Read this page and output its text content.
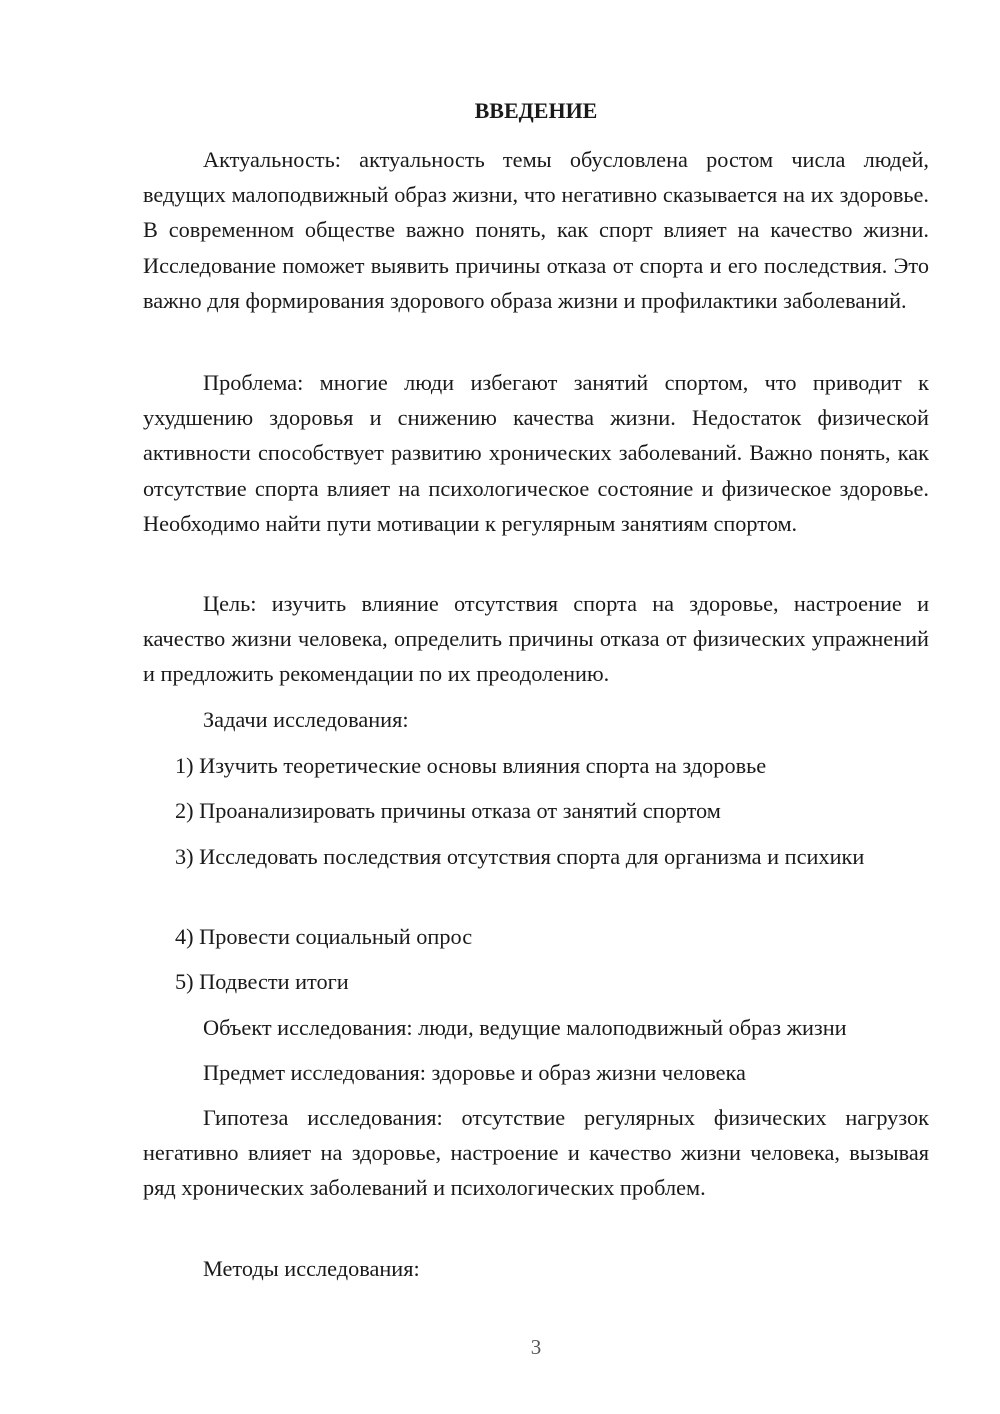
ВВЕДЕНИЕ

Актуальность: актуальность темы обусловлена ростом числа людей, ведущих малоподвижный образ жизни, что негативно сказывается на их здоровье. В современном обществе важно понять, как спорт влияет на качество жизни. Исследование поможет выявить причины отказа от спорта и его последствия. Это важно для формирования здорового образа жизни и профилактики заболеваний.

Проблема: многие люди избегают занятий спортом, что приводит к ухудшению здоровья и снижению качества жизни. Недостаток физической активности способствует развитию хронических заболеваний. Важно понять, как отсутствие спорта влияет на психологическое состояние и физическое здоровье. Необходимо найти пути мотивации к регулярным занятиям спортом.

Цель: изучить влияние отсутствия спорта на здоровье, настроение и качество жизни человека, определить причины отказа от физических упражнений и предложить рекомендации по их преодолению.

Задачи исследования:

1) Изучить теоретические основы влияния спорта на здоровье

2) Проанализировать причины отказа от занятий спортом

3) Исследовать последствия отсутствия спорта для организма и психики

4) Провести социальный опрос

5) Подвести итоги

Объект исследования: люди, ведущие малоподвижный образ жизни

Предмет исследования: здоровье и образ жизни человека

Гипотеза исследования: отсутствие регулярных физических нагрузок негативно влияет на здоровье, настроение и качество жизни человека, вызывая ряд хронических заболеваний и психологических проблем.

Методы исследования:

3
